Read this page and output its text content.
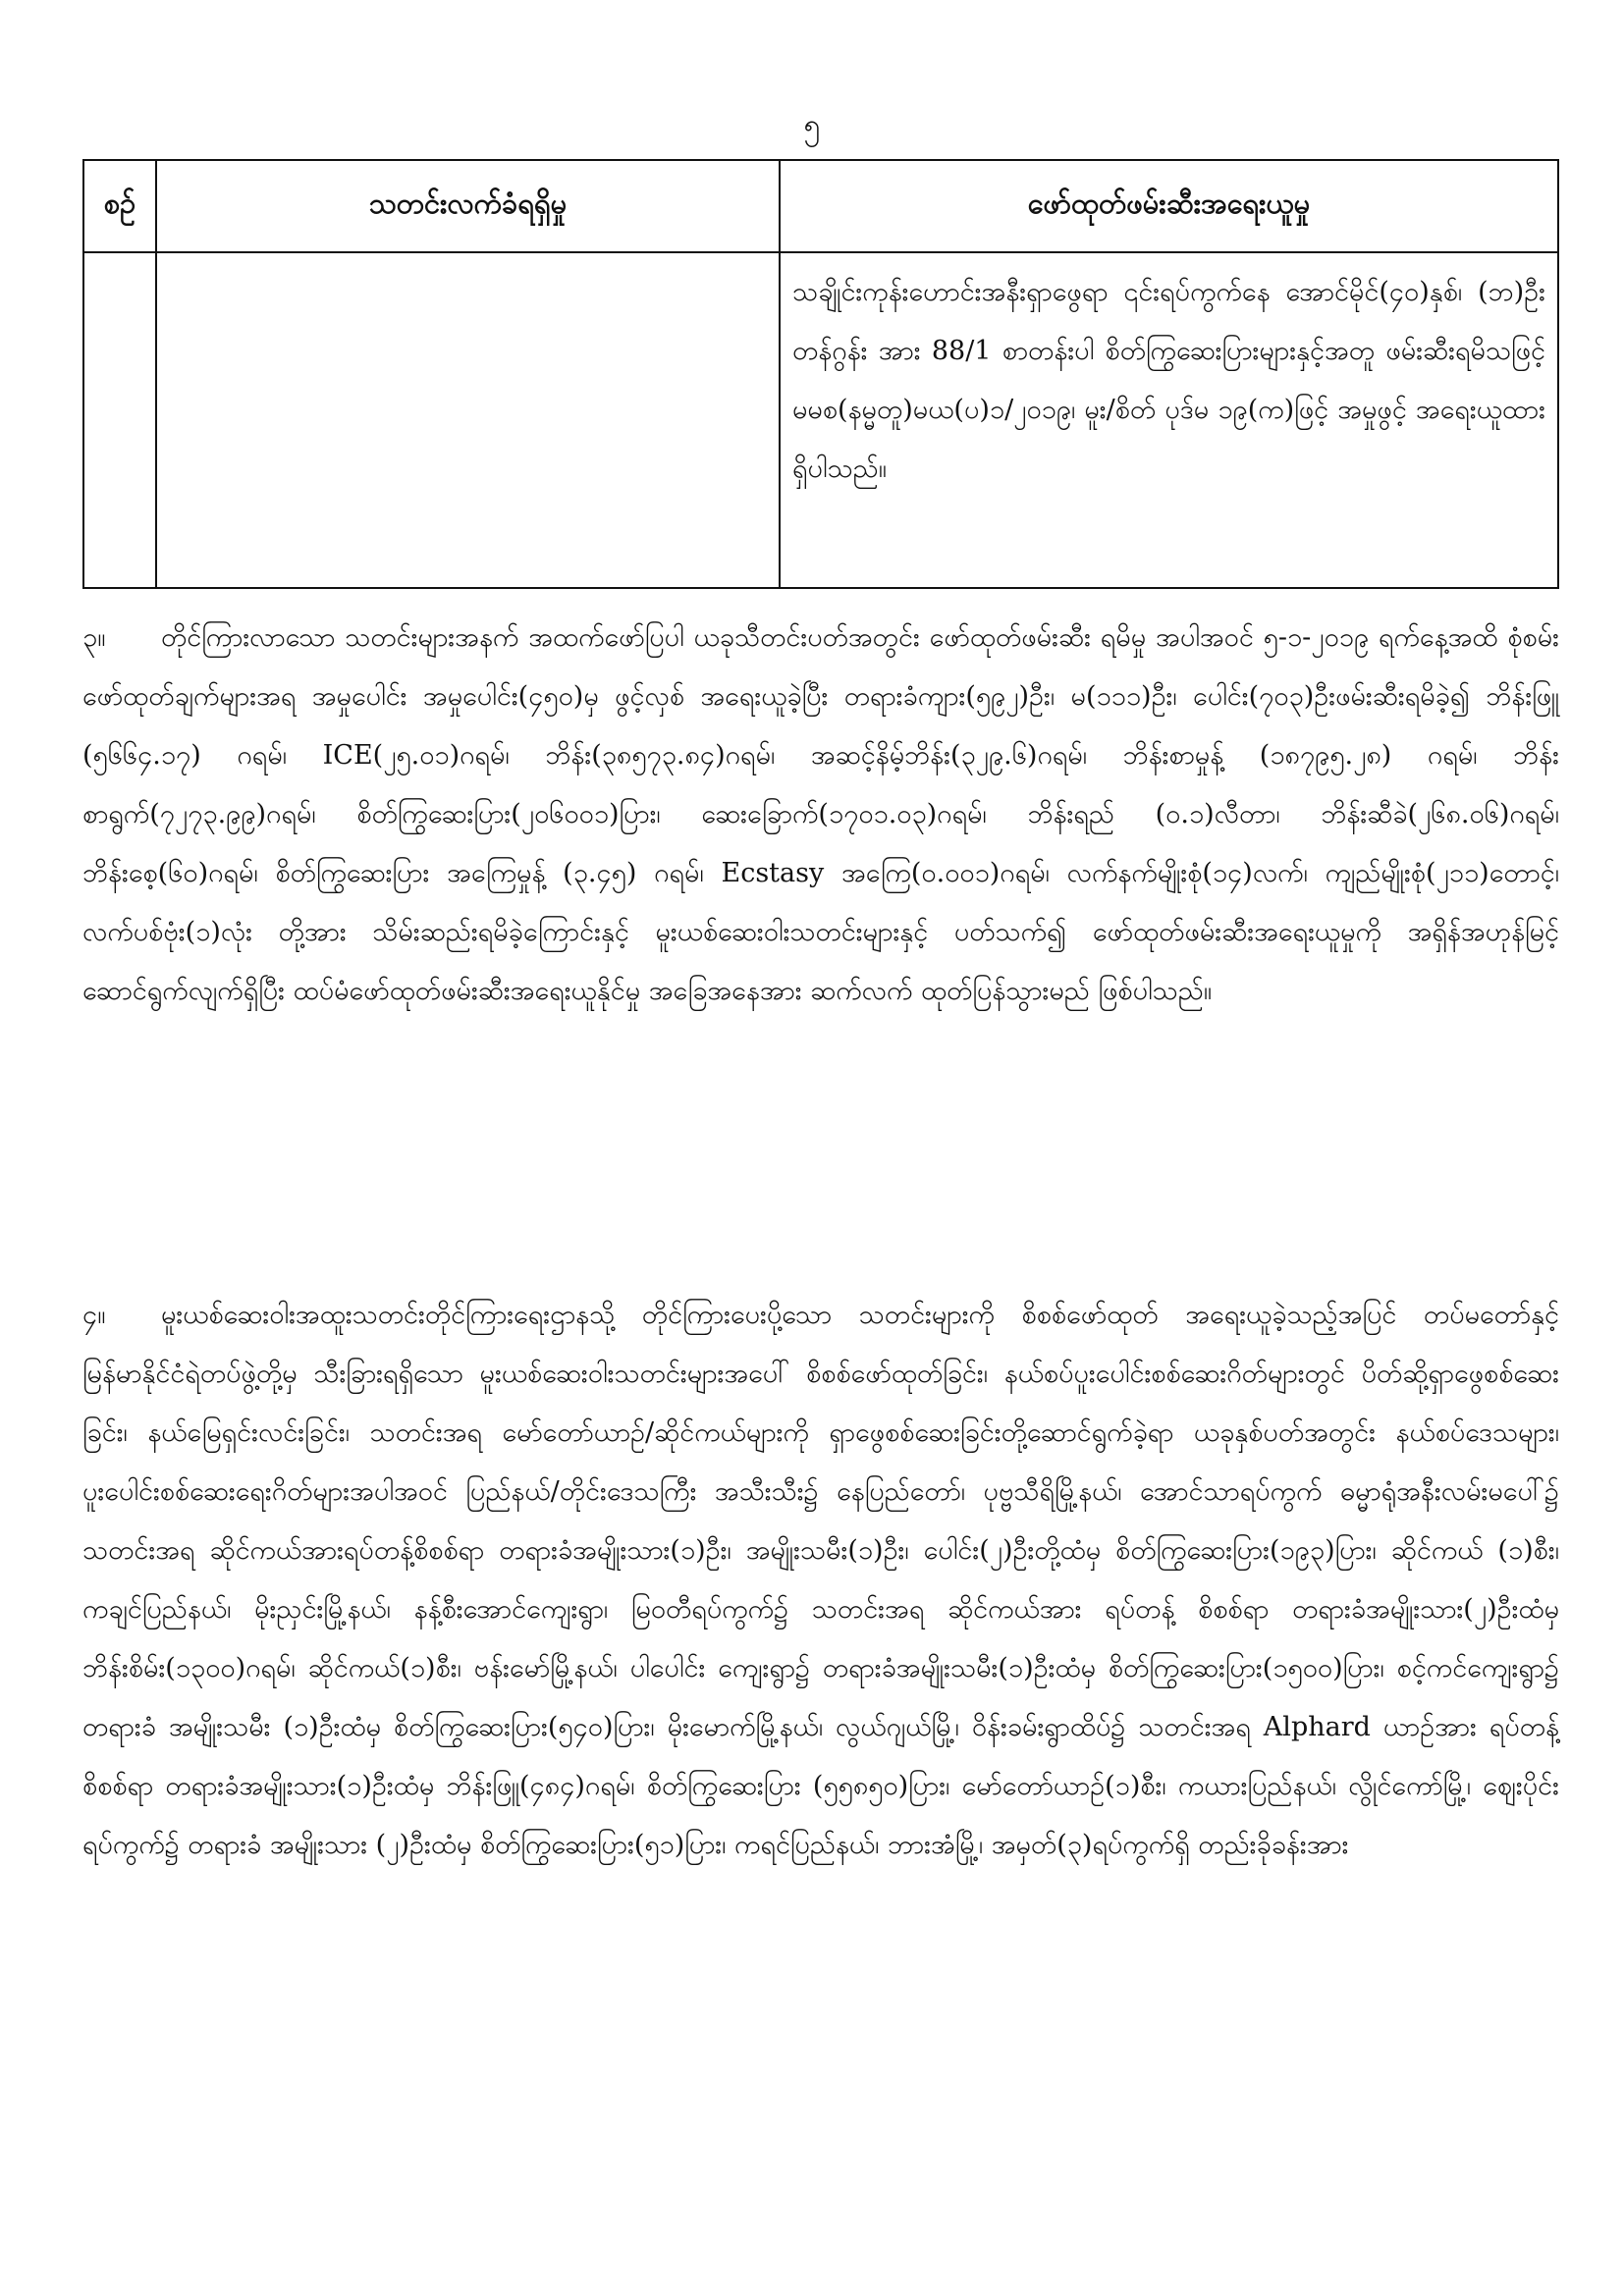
၅
စဉ်	သတင်းလက်ခံရရှိမှု	ဖော်ထုတ်ဖမ်းဆီးအရေးယူမှု

		သချိုင်းကုန်းဟောင်းအနီးရှာဖွေရာ ၎င်းရပ်ကွက်နေ အောင်မိုင်(၄၀)နှစ်၊ (ဘ)ဦးတန်ဂွန်း အား 88/1 စာတန်းပါ စိတ်ကြွဆေးပြားများနှင့်အတူ ဖမ်းဆီးရမိသဖြင့် မမစ(နမ္မတူ)မယ(ပ)၁/၂၀၁၉၊ မူး/စိတ် ပုဒ်မ ၁၉(က)ဖြင့် အမှုဖွင့် အရေးယူထားရှိပါသည်။

၃။ တိုင်ကြားလာသော သတင်းများအနက် အထက်ဖော်ပြပါ ယခုသီတင်းပတ်အတွင်း ဖော်ထုတ်ဖမ်းဆီး ရမိမှု အပါအဝင် ၅-၁-၂၀၁၉ ရက်နေ့အထိ စုံစမ်းဖော်ထုတ်ချက်များအရ အမှုပေါင်း အမှုပေါင်း(၄၅၀)မှ ဖွင့်လှစ် အရေးယူခဲ့ပြီး တရားခံကျား(၅၉၂)ဦး၊ မ(၁၁၁)ဦး၊ ပေါင်း(၇၀၃)ဦးဖမ်းဆီးရမိခဲ့၍ ဘိန်းဖြူ (၅၆၆၄.၁၇) ဂရမ်၊ ICE(၂၅.၀၁)ဂရမ်၊ ဘိန်း(၃၈၅၇၃.၈၄)ဂရမ်၊ အဆင့်နိမ့်ဘိန်း(၃၂၉.၆)ဂရမ်၊ ဘိန်းစာမှုန့် (၁၈၇၉၅.၂၈) ဂရမ်၊ ဘိန်းစာရွက်(၇၂၇၃.၉၉)ဂရမ်၊ စိတ်ကြွဆေးပြား(၂၀၆၀၀၁)ပြား၊ ဆေးခြောက်(၁၇၀၁.၀၃)ဂရမ်၊ ဘိန်းရည် (၀.၁)လီတာ၊ ဘိန်းဆီခဲ(၂၆၈.၀၆)ဂရမ်၊ ဘိန်းစေ့(၆၀)ဂရမ်၊ စိတ်ကြွဆေးပြား အကြေမှုန့် (၃.၄၅) ဂရမ်၊ Ecstasy အကြေ(၀.၀၀၁)ဂရမ်၊ လက်နက်မျိုးစုံ(၁၄)လက်၊ ကျည်မျိုးစုံ(၂၁၁)တောင့်၊ လက်ပစ်ဗုံး(၁)လုံး တို့အား သိမ်းဆည်းရမိခဲ့ကြောင်းနှင့် မူးယစ်ဆေးဝါးသတင်းများနှင့် ပတ်သက်၍ ဖော်ထုတ်ဖမ်းဆီးအရေးယူမှုကို အရှိန်အဟုန်မြင့် ဆောင်ရွက်လျက်ရှိပြီး ထပ်မံဖော်ထုတ်ဖမ်းဆီးအရေးယူနိုင်မှု အခြေအနေအား ဆက်လက် ထုတ်ပြန်သွားမည် ဖြစ်ပါသည်။

၄။ မူးယစ်ဆေးဝါးအထူးသတင်းတိုင်ကြားရေးဌာနသို့ တိုင်ကြားပေးပို့သော သတင်းများကို စိစစ်ဖော်ထုတ် အရေးယူခဲ့သည့်အပြင် တပ်မတော်နှင့် မြန်မာနိုင်ငံရဲတပ်ဖွဲ့တို့မှ သီးခြားရရှိသော မူးယစ်ဆေးဝါးသတင်းများအပေါ် စိစစ်ဖော်ထုတ်ခြင်း၊ နယ်စပ်ပူးပေါင်းစစ်ဆေးဂိတ်များတွင် ပိတ်ဆို့ရှာဖွေစစ်ဆေးခြင်း၊ နယ်မြေရှင်းလင်းခြင်း၊ သတင်းအရ မော်တော်ယာဉ်/ဆိုင်ကယ်များကို ရှာဖွေစစ်ဆေးခြင်းတို့ဆောင်ရွက်ခဲ့ရာ ယခုနှစ်ပတ်အတွင်း နယ်စပ်ဒေသများ၊ ပူးပေါင်းစစ်ဆေးရေးဂိတ်များအပါအဝင် ပြည်နယ်/တိုင်းဒေသကြီး အသီးသီး၌ နေပြည်တော်၊ ပုဗ္ဗသီရိမြို့နယ်၊ အောင်သာရပ်ကွက် ဓမ္မာရုံအနီးလမ်းမပေါ်၌ သတင်းအရ ဆိုင်ကယ်အားရပ်တန့်စိစစ်ရာ တရားခံအမျိုးသား(၁)ဦး၊ အမျိုးသမီး(၁)ဦး၊ ပေါင်း(၂)ဦးတို့ထံမှ စိတ်ကြွဆေးပြား(၁၉၃)ပြား၊ ဆိုင်ကယ် (၁)စီး၊ ကချင်ပြည်နယ်၊ မိုးညှင်းမြို့နယ်၊ နန့်စီးအောင်ကျေးရွာ၊ မြဝတီရပ်ကွက်၌ သတင်းအရ ဆိုင်ကယ်အား ရပ်တန့် စိစစ်ရာ တရားခံအမျိုးသား(၂)ဦးထံမှ ဘိန်းစိမ်း(၁၃၀၀)ဂရမ်၊ ဆိုင်ကယ်(၁)စီး၊ ဗန်းမော်မြို့နယ်၊ ပါပေါင်း ကျေးရွာ၌ တရားခံအမျိုးသမီး(၁)ဦးထံမှ စိတ်ကြွဆေးပြား(၁၅၀၀)ပြား၊ စင့်ကင်ကျေးရွာ၌ တရားခံ အမျိုးသမီး (၁)ဦးထံမှ စိတ်ကြွဆေးပြား(၅၄၀)ပြား၊ မိုးမောက်မြို့နယ်၊ လွယ်ဂျယ်မြို့၊ ဝိန်းခမ်းရွာထိပ်၌ သတင်းအရ Alphard ယာဉ်အား ရပ်တန့်စိစစ်ရာ တရားခံအမျိုးသား(၁)ဦးထံမှ ဘိန်းဖြူ(၄၈၄)ဂရမ်၊ စိတ်ကြွဆေးပြား (၅၅၈၅၀)ပြား၊ မော်တော်ယာဉ်(၁)စီး၊ ကယားပြည်နယ်၊ လွိုင်ကော်မြို့၊ ဈေးပိုင်းရပ်ကွက်၌ တရားခံ အမျိုးသား (၂)ဦးထံမှ စိတ်ကြွဆေးပြား(၅၁)ပြား၊ ကရင်ပြည်နယ်၊ ဘားအံမြို့၊ အမှတ်(၃)ရပ်ကွက်ရှိ တည်းခိုခန်းအား
